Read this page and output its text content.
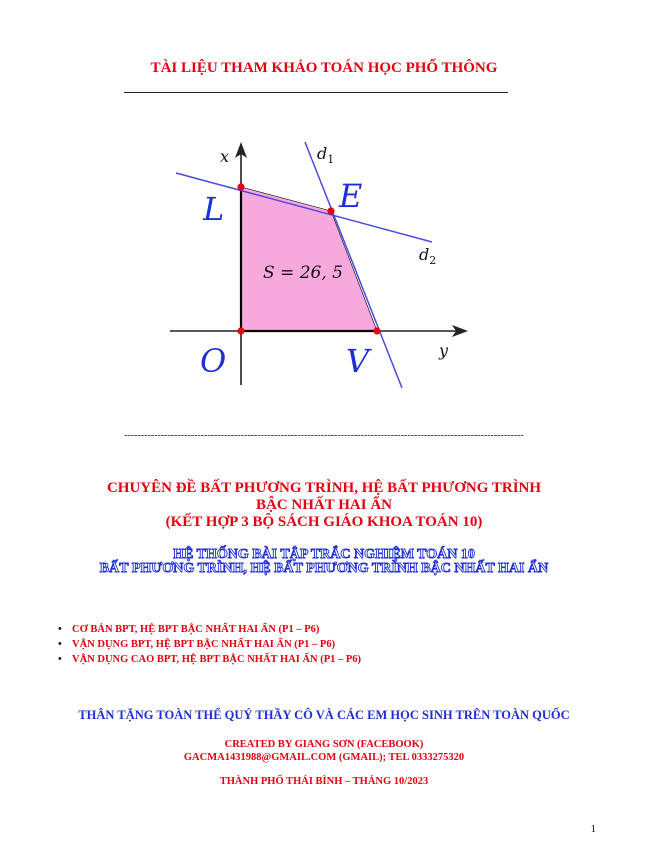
TÀI LIỆU THAM KHẢO TOÁN HỌC PHỔ THÔNG
x
y
$d_1$
$d_2$
L	E
O	V
S = 26, 5
------------------------------------------------------------------------------------------------------------------------
CHUYÊN ĐỀ BẤT PHƯƠNG TRÌNH, HỆ BẤT PHƯƠNG TRÌNH
BẬC NHẤT HAI ẨN
(KẾT HỢP 3 BỘ SÁCH GIÁO KHOA TOÁN 10)
HỆ THỐNG BÀI TẬP TRẮC NGHIỆM TOÁN 10
BẤT PHƯƠNG TRÌNH, HỆ BẤT PHƯƠNG TRÌNH BẬC NHẤT HAI ẨN
• CƠ BẢN BPT, HỆ BPT BẬC NHẤT HAI ẨN (P1 – P6)
• VẬN DỤNG BPT, HỆ BPT BẬC NHẤT HAI ẨN (P1 – P6)
• VẬN DỤNG CAO BPT, HỆ BPT BẬC NHẤT HAI ẨN (P1 – P6)
THÂN TẶNG TOÀN THỂ QUÝ THẦY CÔ VÀ CÁC EM HỌC SINH TRÊN TOÀN QUỐC
CREATED BY GIANG SƠN (FACEBOOK)
GACMA1431988@GMAIL.COM (GMAIL); TEL 0333275320
THÀNH PHỐ THÁI BÌNH – THÁNG 10/2023
1
